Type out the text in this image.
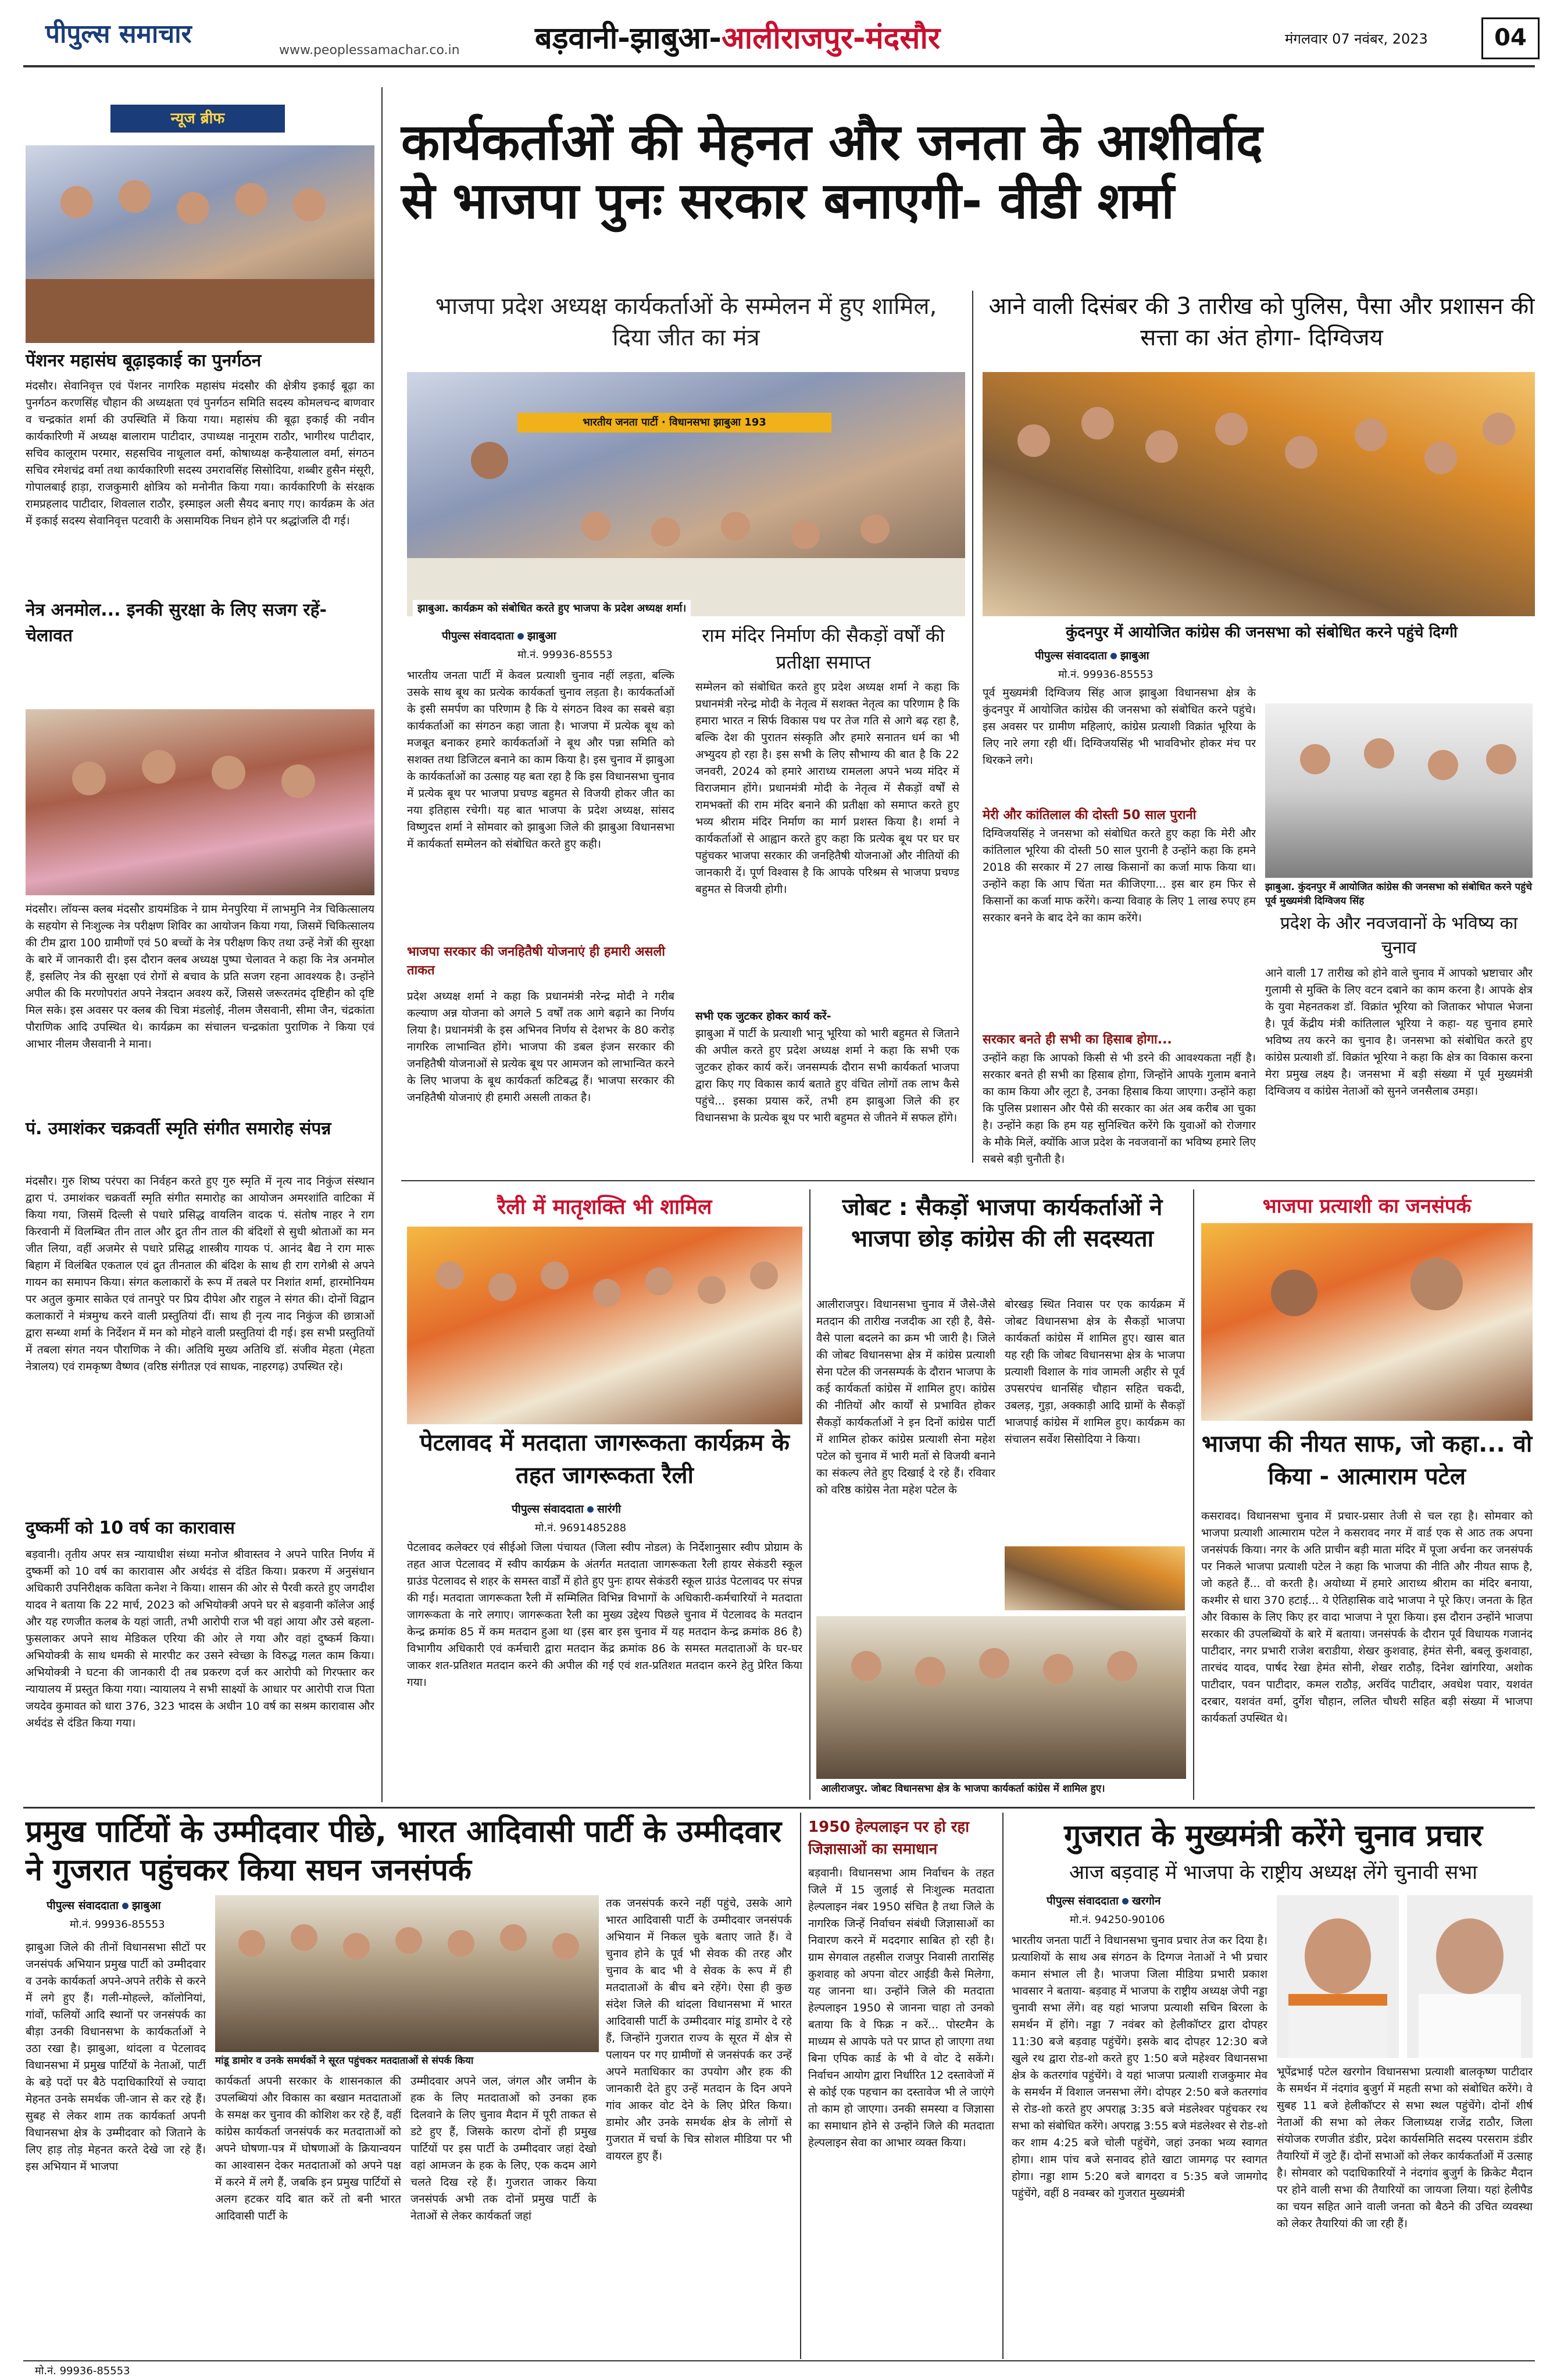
पीपुल्स समाचार
www.peoplessamachar.co.in बड़वानी-झाबुआ-आलीराजपुर-मंदसौर	मंगलवार 07 नवंबर, 2023	04
न्यूज ब्रीफ
पेंशनर महासंघ बूढ़ाइकाई का पुनर्गठन
मंदसौर। सेवानिवृत्त एवं पेंशनर नागरिक महासंघ मंदसौर की क्षेत्रीय इकाई बूढ़ा का पुनर्गठन करणसिंह चौहान की अध्यक्षता एवं पुनर्गठन समिति सदस्य कोमलचन्द बाणवार व चन्द्रकांत शर्मा की उपस्थिति में किया गया। महासंघ की बूढ़ा इकाई की नवीन कार्यकारिणी में अध्यक्ष बालाराम पाटीदार, उपाध्यक्ष नानूराम राठौर, भागीरथ पाटीदार, सचिव कालूराम परमार, सहसचिव नाथूलाल वर्मा, कोषाध्यक्ष कन्हैयालाल वर्मा, संगठन सचिव रमेशचंद्र वर्मा तथा कार्यकारिणी सदस्य उमरावसिंह सिसोदिया, शब्बीर हुसैन मंसूरी, गोपालबाई हाड़ा, राजकुमारी क्षोत्रिय को मनोनीत किया गया। कार्यकारिणी के संरक्षक रामप्रहलाद पाटीदार, शिवलाल राठौर, इस्माइल अली सैयद बनाए गए। कार्यक्रम के अंत में इकाई सदस्य सेवानिवृत्त पटवारी के असामयिक निधन होने पर श्रद्धांजलि दी गई।
नेत्र अनमोल... इनकी सुरक्षा के लिए सजग रहें- चेलावत
मंदसौर। लॉयन्स क्लब मंदसौर डायमंडिक ने ग्राम मेनपुरिया में लाभमुनि नेत्र चिकित्सालय के सहयोग से निःशुल्क नेत्र परीक्षण शिविर का आयोजन किया गया, जिसमें चिकित्सालय की टीम द्वारा 100 ग्रामीणों एवं 50 बच्चों के नेत्र परीक्षण किए तथा उन्हें नेत्रों की सुरक्षा के बारे में जानकारी दी। इस दौरान क्लब अध्यक्ष पुष्पा चेलावत ने कहा कि नेत्र अनमोल हैं, इसलिए नेत्र की सुरक्षा एवं रोगों से बचाव के प्रति सजग रहना आवश्यक है। उन्होंने अपील की कि मरणोपरांत अपने नेत्रदान अवश्य करें, जिससे जरूरतमंद दृष्टिहीन को दृष्टि मिल सके। इस अवसर पर क्लब की चित्रा मंडलोई, नीलम जैसवानी, सीमा जैन, चंद्रकांता पौराणिक आदि उपस्थित थे। कार्यक्रम का संचालन चन्द्रकांता पुराणिक ने किया एवं आभार नीलम जैसवानी ने माना।
पं. उमाशंकर चक्रवर्ती स्मृति संगीत समारोह संपन्न
मंदसौर। गुरु शिष्य परंपरा का निर्वहन करते हुए गुरु स्मृति में नृत्य नाद निकुंज संस्थान द्वारा पं. उमाशंकर चक्रवर्ती स्मृति संगीत समारोह का आयोजन अमरशांति वाटिका में किया गया, जिसमें दिल्ली से पधारे प्रसिद्ध वायलिन वादक पं. संतोष नाहर ने राग किरवानी में विलम्बित तीन ताल और द्रुत तीन ताल की बंदिशों से सुधी श्रोताओं का मन जीत लिया, वहीं अजमेर से पधारे प्रसिद्ध शास्त्रीय गायक पं. आनंद बैद्य ने राग मारू बिहाग में विलंबित एकताल एवं द्रुत तीनताल की बंदिश के साथ ही राग रागेश्री से अपने गायन का समापन किया। संगत कलाकारों के रूप में तबले पर निशांत शर्मा, हारमोनियम पर अतुल कुमार साकेत एवं तानपुरे पर प्रिय दीपेश और राहुल ने संगत की। दोनों विद्वान कलाकारों ने मंत्रमुग्ध करने वाली प्रस्तुतियां दीं। साथ ही नृत्य नाद निकुंज की छात्राओं द्वारा सन्ध्या शर्मा के निर्देशन में मन को मोहने वाली प्रस्तुतियां दी गई। इस सभी प्रस्तुतियों में तबला संगत नयन पौराणिक ने की। अतिथि मुख्य अतिथि डॉ. संजीव मेहता (मेहता नेत्रालय) एवं रामकृष्ण वैष्णव (वरिष्ठ संगीतज्ञ एवं साधक, नाहरगढ़) उपस्थित रहे।
दुष्कर्मी को 10 वर्ष का कारावास
बड़वानी। तृतीय अपर सत्र न्यायाधीश संध्या मनोज श्रीवास्तव ने अपने पारित निर्णय में दुष्कर्मी को 10 वर्ष का कारावास और अर्थदंड से दंडित किया। प्रकरण में अनुसंधान अधिकारी उपनिरीक्षक कविता कनेश ने किया। शासन की ओर से पैरवी करते हुए जगदीश यादव ने बताया कि 22 मार्च, 2023 को अभियोक्त्री अपने घर से बड़वानी कॉलेज आई और यह रणजीत कलब के यहां जाती, तभी आरोपी राज भी वहां आया और उसे बहला-फुसलाकर अपने साथ मेडिकल एरिया की ओर ले गया और वहां दुष्कर्म किया। अभियोक्त्री के साथ धमकी से मारपीट कर उसने स्वेच्छा के विरुद्ध गलत काम किया। अभियोक्त्री ने घटना की जानकारी दी तब प्रकरण दर्ज कर आरोपी को गिरफ्तार कर न्यायालय में प्रस्तुत किया गया। न्यायालय ने सभी साक्ष्यों के आधार पर आरोपी राज पिता जयदेव कुमावत को धारा 376, 323 भादस के अधीन 10 वर्ष का सश्रम कारावास और अर्थदंड से दंडित किया गया।
कार्यकर्ताओं की मेहनत और जनता के आशीर्वाद
से भाजपा पुनः सरकार बनाएगी- वीडी शर्मा
भाजपा प्रदेश अध्यक्ष कार्यकर्ताओं के सम्मेलन में हुए शामिल, दिया जीत का मंत्र
भारतीय जनता पार्टी · विधानसभा झाबुआ 193
झाबुआ. कार्यक्रम को संबोधित करते हुए भाजपा के प्रदेश अध्यक्ष शर्मा।
पीपुल्स संवाददाता झाबुआ
मो.नं. 99936-85553
भारतीय जनता पार्टी में केवल प्रत्याशी चुनाव नहीं लड़ता, बल्कि उसके साथ बूथ का प्रत्येक कार्यकर्ता चुनाव लड़ता है। कार्यकर्ताओं के इसी समर्पण का परिणाम है कि ये संगठन विश्व का सबसे बड़ा कार्यकर्ताओं का संगठन कहा जाता है। भाजपा में प्रत्येक बूथ को मजबूत बनाकर हमारे कार्यकर्ताओं ने बूथ और पन्ना समिति को सशक्त तथा डिजिटल बनाने का काम किया है। इस चुनाव में झाबुआ के कार्यकर्ताओं का उत्साह यह बता रहा है कि इस विधानसभा चुनाव में प्रत्येक बूथ पर भाजपा प्रचण्ड बहुमत से विजयी होकर जीत का नया इतिहास रचेगी। यह बात भाजपा के प्रदेश अध्यक्ष, सांसद विष्णुदत्त शर्मा ने सोमवार को झाबुआ जिले की झाबुआ विधानसभा में कार्यकर्ता सम्मेलन को संबोधित करते हुए कही।
भाजपा सरकार की जनहितैषी योजनाएं ही हमारी असली ताकत
प्रदेश अध्यक्ष शर्मा ने कहा कि प्रधानमंत्री नरेन्द्र मोदी ने गरीब कल्याण अन्न योजना को अगले 5 वर्षों तक आगे बढ़ाने का निर्णय लिया है। प्रधानमंत्री के इस अभिनव निर्णय से देशभर के 80 करोड़ नागरिक लाभान्वित होंगे। भाजपा की डबल इंजन सरकार की जनहितैषी योजनाओं से प्रत्येक बूथ पर आमजन को लाभान्वित करने के लिए भाजपा के बूथ कार्यकर्ता कटिबद्ध हैं। भाजपा सरकार की जनहितैषी योजनाएं ही हमारी असली ताकत है।
राम मंदिर निर्माण की सैकड़ों वर्षों की प्रतीक्षा समाप्त
सम्मेलन को संबोधित करते हुए प्रदेश अध्यक्ष शर्मा ने कहा कि प्रधानमंत्री नरेन्द्र मोदी के नेतृत्व में सशक्त नेतृत्व का परिणाम है कि हमारा भारत न सिर्फ विकास पथ पर तेज गति से आगे बढ़ रहा है, बल्कि देश की पुरातन संस्कृति और हमारे सनातन धर्म का भी अभ्युदय हो रहा है। इस सभी के लिए सौभाग्य की बात है कि 22 जनवरी, 2024 को हमारे आराध्य रामलला अपने भव्य मंदिर में विराजमान होंगे। प्रधानमंत्री मोदी के नेतृत्व में सैकड़ों वर्षों से रामभक्तों की राम मंदिर बनाने की प्रतीक्षा को समाप्त करते हुए भव्य श्रीराम मंदिर निर्माण का मार्ग प्रशस्त किया है। शर्मा ने कार्यकर्ताओं से आह्वान करते हुए कहा कि प्रत्येक बूथ पर घर घर पहुंचकर भाजपा सरकार की जनहितैषी योजनाओं और नीतियों की जानकारी दें। पूर्ण विश्वास है कि आपके परिश्रम से भाजपा प्रचण्ड बहुमत से विजयी होगी।
सभी एक जुटकर होकर कार्य करें-
झाबुआ में पार्टी के प्रत्याशी भानू भूरिया को भारी बहुमत से जिताने की अपील करते हुए प्रदेश अध्यक्ष शर्मा ने कहा कि सभी एक जुटकर होकर कार्य करें। जनसम्पर्क दौरान सभी कार्यकर्ता भाजपा द्वारा किए गए विकास कार्य बताते हुए वंचित लोगों तक लाभ कैसे पहुंचे... इसका प्रयास करें, तभी हम झाबुआ जिले की हर विधानसभा के प्रत्येक बूथ पर भारी बहुमत से जीतने में सफल होंगे।
आने वाली दिसंबर की 3 तारीख को पुलिस, पैसा और प्रशासन की सत्ता का अंत होगा- दिग्विजय
कुंदनपुर में आयोजित कांग्रेस की जनसभा को संबोधित करने पहुंचे दिग्गी
पीपुल्स संवाददाता झाबुआ
मो.नं. 99936-85553
पूर्व मुख्यमंत्री दिग्विजय सिंह आज झाबुआ विधानसभा क्षेत्र के कुंदनपुर में आयोजित कांग्रेस की जनसभा को संबोधित करने पहुंचे। इस अवसर पर ग्रामीण महिलाएं, कांग्रेस प्रत्याशी विक्रांत भूरिया के लिए नारे लगा रही थीं। दिग्विजयसिंह भी भावविभोर होकर मंच पर थिरकने लगे।
मेरी और कांतिलाल की दोस्ती 50 साल पुरानी
दिग्विजयसिंह ने जनसभा को संबोधित करते हुए कहा कि मेरी और कांतिलाल भूरिया की दोस्ती 50 साल पुरानी है उन्होंने कहा कि हमने 2018 की सरकार में 27 लाख किसानों का कर्जा माफ किया था। उन्होंने कहा कि आप चिंता मत कीजिएगा... इस बार हम फिर से किसानों का कर्जा माफ करेंगे। कन्या विवाह के लिए 1 लाख रुपए हम सरकार बनने के बाद देने का काम करेंगे।
सरकार बनते ही सभी का हिसाब होगा...
उन्होंने कहा कि आपको किसी से भी डरने की आवश्यकता नहीं है। सरकार बनते ही सभी का हिसाब होगा, जिन्होंने आपके गुलाम बनाने का काम किया और लूटा है, उनका हिसाब किया जाएगा। उन्होंने कहा कि पुलिस प्रशासन और पैसे की सरकार का अंत अब करीब आ चुका है। उन्होंने कहा कि हम यह सुनिश्चित करेंगे कि युवाओं को रोजगार के मौके मिलें, क्योंकि आज प्रदेश के नवजवानों का भविष्य हमारे लिए सबसे बड़ी चुनौती है।
झाबुआ. कुंदनपुर में आयोजित कांग्रेस की जनसभा को संबोधित करने पहुंचे पूर्व मुख्यमंत्री दिग्विजय सिंह
प्रदेश के और नवजवानों के भविष्य का चुनाव
आने वाली 17 तारीख को होने वाले चुनाव में आपको भ्रष्टाचार और गुलामी से मुक्ति के लिए वटन दबाने का काम करना है। आपके क्षेत्र के युवा मेहनतकश डॉ. विक्रांत भूरिया को जिताकर भोपाल भेजना है। पूर्व केंद्रीय मंत्री कांतिलाल भूरिया ने कहा- यह चुनाव हमारे भविष्य तय करने का चुनाव है। जनसभा को संबोधित करते हुए कांग्रेस प्रत्याशी डॉ. विक्रांत भूरिया ने कहा कि क्षेत्र का विकास करना मेरा प्रमुख लक्ष्य है। जनसभा में बड़ी संख्या में पूर्व मुख्यमंत्री दिग्विजय व कांग्रेस नेताओं को सुनने जनसैलाब उमड़ा।
रैली में मातृशक्ति भी शामिल
पेटलावद में मतदाता जागरूकता कार्यक्रम के तहत जागरूकता रैली
पीपुल्स संवाददाता सारंगी
मो.नं. 9691485288
पेटलावद कलेक्टर एवं सीईओ जिला पंचायत (जिला स्वीप नोडल) के निर्देशानुसार स्वीप प्रोग्राम के तहत आज पेटलावद में स्वीप कार्यक्रम के अंतर्गत मतदाता जागरूकता रैली हायर सेकंडरी स्कूल ग्राउंड पेटलावद से शहर के समस्त वार्डों में होते हुए पुनः हायर सेकंडरी स्कूल ग्राउंड पेटलावद पर संपन्न की गई। मतदाता जागरूकता रैली में सम्मिलित विभिन्न विभागों के अधिकारी-कर्मचारियों ने मतदाता जागरूकता के नारे लगाए। जागरूकता रैली का मुख्य उद्देश्य पिछले चुनाव में पेटलावद के मतदान केन्द्र क्रमांक 85 में कम मतदान हुआ था (इस बार इस चुनाव में यह मतदान केन्द्र क्रमांक 86 है) विभागीय अधिकारी एवं कर्मचारी द्वारा मतदान केंद्र क्रमांक 86 के समस्त मतदाताओं के घर-घर जाकर शत-प्रतिशत मतदान करने की अपील की गई एवं शत-प्रतिशत मतदान करने हेतु प्रेरित किया गया।
जोबट : सैकड़ों भाजपा कार्यकर्ताओं ने भाजपा छोड़ कांग्रेस की ली सदस्यता
आलीराजपुर। विधानसभा चुनाव में जैसे-जैसे मतदान की तारीख नजदीक आ रही है, वैसे-वैसे पाला बदलने का क्रम भी जारी है। जिले की जोबट विधानसभा क्षेत्र में कांग्रेस प्रत्याशी सेना पटेल की जनसम्पर्क के दौरान भाजपा के कई कार्यकर्ता कांग्रेस में शामिल हुए। कांग्रेस की नीतियों और कार्यों से प्रभावित होकर सैकड़ों कार्यकर्ताओं ने इन दिनों कांग्रेस पार्टी में शामिल होकर कांग्रेस प्रत्याशी सेना महेश पटेल को चुनाव में भारी मतों से विजयी बनाने का संकल्प लेते हुए दिखाई दे रहे हैं। रविवार को वरिष्ठ कांग्रेस नेता महेश पटेल के
बोरखड़ स्थित निवास पर एक कार्यक्रम में जोबट विधानसभा क्षेत्र के सैकड़ों भाजपा कार्यकर्ता कांग्रेस में शामिल हुए। खास बात यह रही कि जोबट विधानसभा क्षेत्र के भाजपा प्रत्याशी विशाल के गांव जामली अहीर से पूर्व उपसरपंच धानसिंह चौहान सहित चकदी, उबलड़, गुड़ा, अक्काड़ी आदि ग्रामों के सैकड़ों भाजपाई कांग्रेस में शामिल हुए। कार्यक्रम का संचालन सर्वेश सिसोदिया ने किया।
आलीराजपुर. जोबट विधानसभा क्षेत्र के भाजपा कार्यकर्ता कांग्रेस में शामिल हुए।
भाजपा प्रत्याशी का जनसंपर्क
भाजपा की नीयत साफ, जो कहा... वो किया - आत्माराम पटेल
कसरावद। विधानसभा चुनाव में प्रचार-प्रसार तेजी से चल रहा है। सोमवार को भाजपा प्रत्याशी आत्माराम पटेल ने कसरावद नगर में वार्ड एक से आठ तक अपना जनसंपर्क किया। नगर के अति प्राचीन बड़ी माता मंदिर में पूजा अर्चना कर जनसंपर्क पर निकले भाजपा प्रत्याशी पटेल ने कहा कि भाजपा की नीति और नीयत साफ है, जो कहते हैं... वो करती है। अयोध्या में हमारे आराध्य श्रीराम का मंदिर बनाया, कश्मीर से धारा 370 हटाई... ये ऐतिहासिक वादे भाजपा ने पूरे किए। जनता के हित और विकास के लिए किए हर वादा भाजपा ने पूरा किया। इस दौरान उन्होंने भाजपा सरकार की उपलब्धियों के बारे में बताया। जनसंपर्क के दौरान पूर्व विधायक गजानंद पाटीदार, नगर प्रभारी राजेश बराडीया, शेखर कुशवाह, हेमंत सेनी, बबलू कुशवाहा, तारचंद यादव, पार्षद रेखा हेमंत सोनी, शेखर राठौड़, दिनेश खांगरिया, अशोक पाटीदार, पवन पाटीदार, कमल राठौड़, अरविंद पाटीदार, अवधेश पवार, यशवंत दरबार, यशवंत वर्मा, दुर्गेश चौहान, ललित चौधरी सहित बड़ी संख्या में भाजपा कार्यकर्ता उपस्थित थे।
प्रमुख पार्टियों के उम्मीदवार पीछे, भारत आदिवासी पार्टी के उम्मीदवार ने गुजरात पहुंचकर किया सघन जनसंपर्क
पीपुल्स संवाददाता झाबुआ
मो.नं. 99936-85553
झाबुआ जिले की तीनों विधानसभा सीटों पर जनसंपर्क अभियान प्रमुख पार्टी को उम्मीदवार व उनके कार्यकर्ता अपने-अपने तरीके से करने में लगे हुए हैं। गली-मोहल्ले, कॉलोनियां, गांवों, फलियों आदि स्थानों पर जनसंपर्क का बीड़ा उनकी विधानसभा के कार्यकर्ताओं ने उठा रखा है। झाबुआ, थांदला व पेटलावद विधानसभा में प्रमुख पार्टियों के नेताओं, पार्टी के बड़े पदों पर बैठे पदाधिकारियों से ज्यादा मेहनत उनके समर्थक जी-जान से कर रहे हैं। सुबह से लेकर शाम तक कार्यकर्ता अपनी विधानसभा क्षेत्र के उम्मीदवार को जिताने के लिए हाड़ तोड़ मेहनत करते देखे जा रहे हैं। इस अभियान में भाजपा
मांडू डामोर व उनके समर्थकों ने सूरत पहुंचकर मतदाताओं से संपर्क किया
कार्यकर्ता अपनी सरकार के शासनकाल की उपलब्धियां और विकास का बखान मतदाताओं के समक्ष कर चुनाव की कोशिश कर रहे हैं, वहीं कांग्रेस कार्यकर्ता जनसंपर्क कर मतदाताओं को अपने घोषणा-पत्र में घोषणाओं के क्रियान्वयन का आश्वासन देकर मतदाताओं को अपने पक्ष में करने में लगे हैं, जबकि इन प्रमुख पार्टियों से अलग हटकर यदि बात करें तो बनी भारत आदिवासी पार्टी के
उम्मीदवार अपने जल, जंगल और जमीन के हक के लिए मतदाताओं को उनका हक दिलवाने के लिए चुनाव मैदान में पूरी ताकत से डटे हुए हैं, जिसके कारण दोनों ही प्रमुख पार्टियों पर इस पार्टी के उम्मीदवार जहां देखो वहां आमजन के हक के लिए, एक कदम आगे चलते दिख रहे हैं। गुजरात जाकर किया जनसंपर्क अभी तक दोनों प्रमुख पार्टी के नेताओं से लेकर कार्यकर्ता जहां
तक जनसंपर्क करने नहीं पहुंचे, उसके आगे भारत आदिवासी पार्टी के उम्मीदवार जनसंपर्क अभियान में निकल चुके बताए जाते हैं। वे चुनाव होने के पूर्व भी सेवक की तरह और चुनाव के बाद भी वे सेवक के रूप में ही मतदाताओं के बीच बने रहेंगे। ऐसा ही कुछ संदेश जिले की थांदला विधानसभा में भारत आदिवासी पार्टी के उम्मीदवार मांडू डामोर दे रहे हैं, जिन्होंने गुजरात राज्य के सूरत में क्षेत्र से पलायन पर गए ग्रामीणों से जनसंपर्क कर उन्हें अपने मताधिकार का उपयोग और हक की जानकारी देते हुए उन्हें मतदान के दिन अपने गांव आकर वोट देने के लिए प्रेरित किया। डामोर और उनके समर्थक क्षेत्र के लोगों से गुजरात में चर्चा के चित्र सोशल मीडिया पर भी वायरल हुए हैं।
1950 हेल्पलाइन पर हो रहा जिज्ञासाओं का समाधान
बड़वानी। विधानसभा आम निर्वाचन के तहत जिले में 15 जुलाई से निःशुल्क मतदाता हेल्पलाइन नंबर 1950 संचित है तथा जिले के नागरिक जिन्हें निर्वाचन संबंधी जिज्ञासाओं का निवारण करने में मददगार साबित हो रही है। ग्राम सेगवाल तहसील राजपुर निवासी तारासिंह कुशवाह को अपना वोटर आईडी कैसे मिलेगा, यह जानना था। उन्होंने जिले की मतदाता हेल्पलाइन 1950 से जानना चाहा तो उनको बताया कि वे फिक्र न करें... पोस्टमैन के माध्यम से आपके पते पर प्राप्त हो जाएगा तथा बिना एपिक कार्ड के भी वे वोट दे सकेंगे। निर्वाचन आयोग द्वारा निर्धारित 12 दस्तावेजों में से कोई एक पहचान का दस्तावेज भी ले जाएंगे तो काम हो जाएगा। उनकी समस्या व जिज्ञासा का समाधान होने से उन्होंने जिले की मतदाता हेल्पलाइन सेवा का आभार व्यक्त किया।
गुजरात के मुख्यमंत्री करेंगे चुनाव प्रचार
आज बड़वाह में भाजपा के राष्ट्रीय अध्यक्ष लेंगे चुनावी सभा
पीपुल्स संवाददाता खरगोन
मो.नं. 94250-90106
भारतीय जनता पार्टी ने विधानसभा चुनाव प्रचार तेज कर दिया है। प्रत्याशियों के साथ अब संगठन के दिग्गज नेताओं ने भी प्रचार कमान संभाल ली है। भाजपा जिला मीडिया प्रभारी प्रकाश भावसार ने बताया- बड़वाह में भाजपा के राष्ट्रीय अध्यक्ष जेपी नड्डा चुनावी सभा लेंगे। वह यहां भाजपा प्रत्याशी सचिन बिरला के समर्थन में होंगे। नड्डा 7 नवंबर को हेलीकॉप्टर द्वारा दोपहर 11:30 बजे बड़वाह पहुंचेंगे। इसके बाद दोपहर 12:30 बजे खुले रथ द्वारा रोड-शो करते हुए 1:50 बजे महेश्वर विधानसभा क्षेत्र के कतरगांव पहुंचेंगे। वे यहां भाजपा प्रत्याशी राजकुमार मेव के समर्थन में विशाल जनसभा लेंगे। दोपहर 2:50 बजे कतरगांव से रोड-शो करते हुए अपराह्न 3:35 बजे मंडलेश्वर पहुंचकर रथ सभा को संबोधित करेंगे। अपराह्न 3:55 बजे मंडलेश्वर से रोड-शो कर शाम 4:25 बजे चोली पहुंचेंगे, जहां उनका भव्य स्वागत होगा। शाम पांच बजे सनावद होते खाटा जामगढ़ पर स्वागत होगा। नड्डा शाम 5:20 बजे बागदरा व 5:35 बजे जामगोद पहुंचेंगे, वहीं 8 नवम्बर को गुजरात मुख्यमंत्री
भूपेंद्रभाई पटेल खरगोन विधानसभा प्रत्याशी बालकृष्ण पाटीदार के समर्थन में नंदगांव बुजुर्ग में महती सभा को संबोधित करेंगे। वे सुबह 11 बजे हेलीकॉप्टर से सभा स्थल पहुंचेंगे। दोनों शीर्ष नेताओं की सभा को लेकर जिलाध्यक्ष राजेंद्र राठौर, जिला संयोजक रणजीत डंडीर, प्रदेश कार्यसमिति सदस्य परसराम डंडीर तैयारियों में जुटे हैं। दोनों सभाओं को लेकर कार्यकर्ताओं में उत्साह है। सोमवार को पदाधिकारियों ने नंदगांव बुजुर्ग के क्रिकेट मैदान पर होने वाली सभा की तैयारियों का जायजा लिया। यहां हेलीपैड का चयन सहित आने वाली जनता को बैठने की उचित व्यवस्था को लेकर तैयारियां की जा रही हैं।
मो.नं. 99936-85553
